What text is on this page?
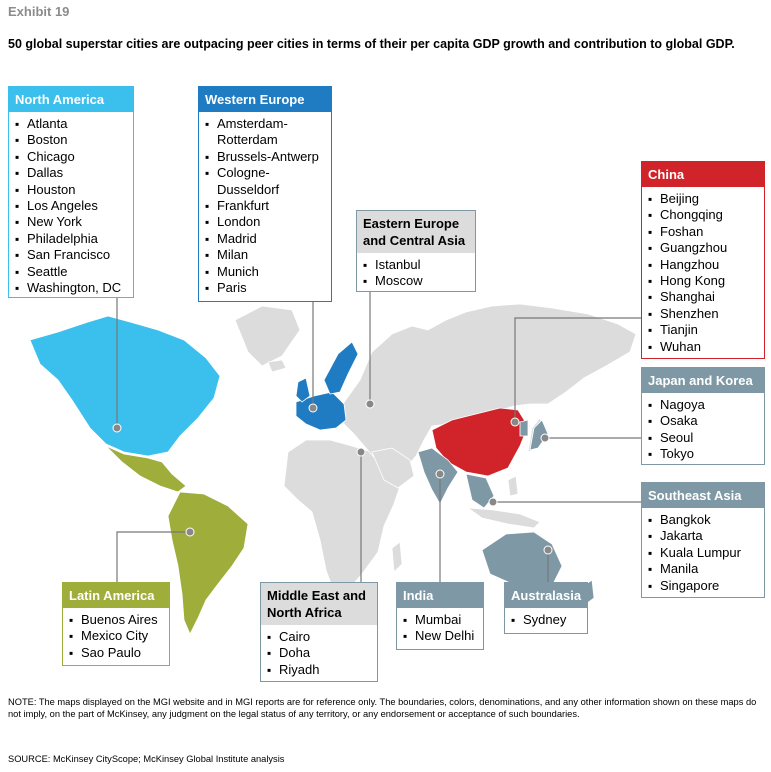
Exhibit 19
50 global superstar cities are outpacing peer cities in terms of their per capita GDP growth and contribution to global GDP.
North America
▪ Atlanta
▪ Boston
▪ Chicago
▪ Dallas
▪ Houston
▪ Los Angeles
▪ New York
▪ Philadelphia
▪ San Francisco
▪ Seattle
▪ Washington, DC
Western Europe
▪ Amsterdam-
Rotterdam
▪ Brussels-Antwerp
▪ Cologne-
Dusseldorf
▪ Frankfurt
▪ London
▪ Madrid
▪ Milan
▪ Munich
▪ Paris
Eastern Europe
and Central Asia
▪ Istanbul
▪ Moscow
China
▪ Beijing
▪ Chongqing
▪ Foshan
▪ Guangzhou
▪ Hangzhou
▪ Hong Kong
▪ Shanghai
▪ Shenzhen
▪ Tianjin
▪ Wuhan
Japan and Korea
▪ Nagoya
▪ Osaka
▪ Seoul
▪ Tokyo
Southeast Asia
▪ Bangkok
▪ Jakarta
▪ Kuala Lumpur
▪ Manila
▪ Singapore
Latin America
▪ Buenos Aires
▪ Mexico City
▪ Sao Paulo
Middle East and
North Africa
▪ Cairo
▪ Doha
▪ Riyadh
India
▪ Mumbai
▪ New Delhi
Australasia
▪ Sydney
NOTE: The maps displayed on the MGI website and in MGI reports are for reference only. The boundaries, colors, denominations, and any other information shown on these maps do not imply, on the part of McKinsey, any judgment on the legal status of any territory, or any endorsement or acceptance of such boundaries.
SOURCE: McKinsey CityScope; McKinsey Global Institute analysis
